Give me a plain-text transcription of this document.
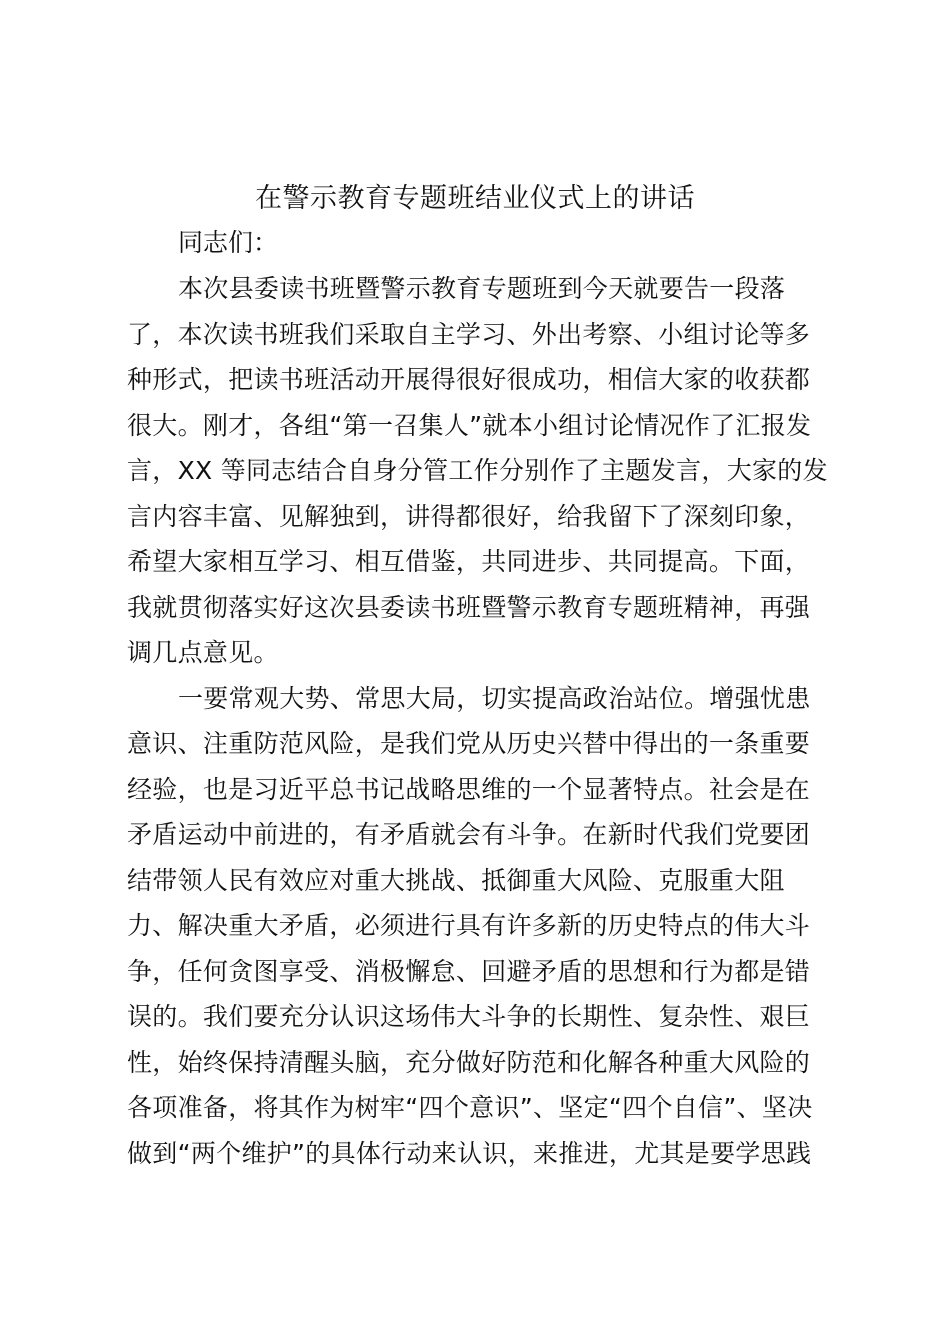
在警示教育专题班结业仪式上的讲话

同志们：

本次县委读书班暨警示教育专题班到今天就要告一段落
了，本次读书班我们采取自主学习、外出考察、小组讨论等多
种形式，把读书班活动开展得很好很成功，相信大家的收获都
很大。刚才，各组“第一召集人”就本小组讨论情况作了汇报发
言，XX 等同志结合自身分管工作分别作了主题发言，大家的发
言内容丰富、见解独到，讲得都很好，给我留下了深刻印象，
希望大家相互学习、相互借鉴，共同进步、共同提高。下面，
我就贯彻落实好这次县委读书班暨警示教育专题班精神，再强
调几点意见。
一要常观大势、常思大局，切实提高政治站位。增强忧患
意识、注重防范风险，是我们党从历史兴替中得出的一条重要
经验，也是习近平总书记战略思维的一个显著特点。社会是在
矛盾运动中前进的，有矛盾就会有斗争。在新时代我们党要团
结带领人民有效应对重大挑战、抵御重大风险、克服重大阻
力、解决重大矛盾，必须进行具有许多新的历史特点的伟大斗
争，任何贪图享受、消极懈怠、回避矛盾的思想和行为都是错
误的。我们要充分认识这场伟大斗争的长期性、复杂性、艰巨
性，始终保持清醒头脑，充分做好防范和化解各种重大风险的
各项准备，将其作为树牢“四个意识”、坚定“四个自信”、坚决
做到“两个维护”的具体行动来认识，来推进，尤其是要学思践
